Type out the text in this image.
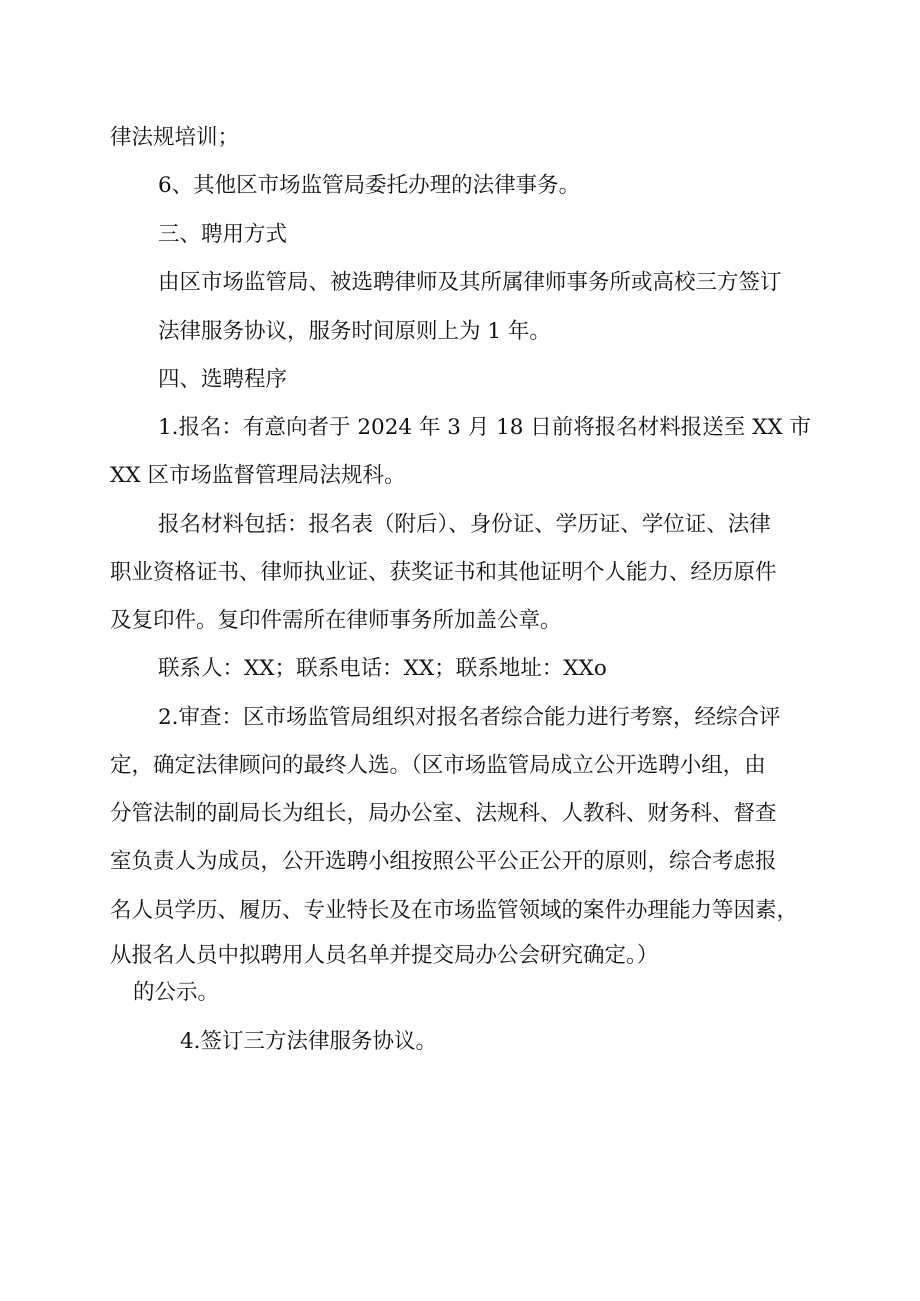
律法规培训；
6、其他区市场监管局委托办理的法律事务。
三、聘用方式
由区市场监管局、被选聘律师及其所属律师事务所或高校三方签订
法律服务协议，服务时间原则上为 1 年。
四、选聘程序
1.报名：有意向者于 2024 年 3 月 18 日前将报名材料报送至 XX 市
XX 区市场监督管理局法规科。
报名材料包括：报名表（附后）、身份证、学历证、学位证、法律
职业资格证书、律师执业证、获奖证书和其他证明个人能力、经历原件
及复印件。复印件需所在律师事务所加盖公章。
联系人：XX；联系电话：XX；联系地址：XXo
2.审查：区市场监管局组织对报名者综合能力进行考察，经综合评
定，确定法律顾问的最终人选。（区市场监管局成立公开选聘小组，由
分管法制的副局长为组长，局办公室、法规科、人教科、财务科、督查
室负责人为成员，公开选聘小组按照公平公正公开的原则，综合考虑报
名人员学历、履历、专业特长及在市场监管领域的案件办理能力等因素，
从报名人员中拟聘用人员名单并提交局办公会研究确定。）
的公示。
4.签订三方法律服务协议。
